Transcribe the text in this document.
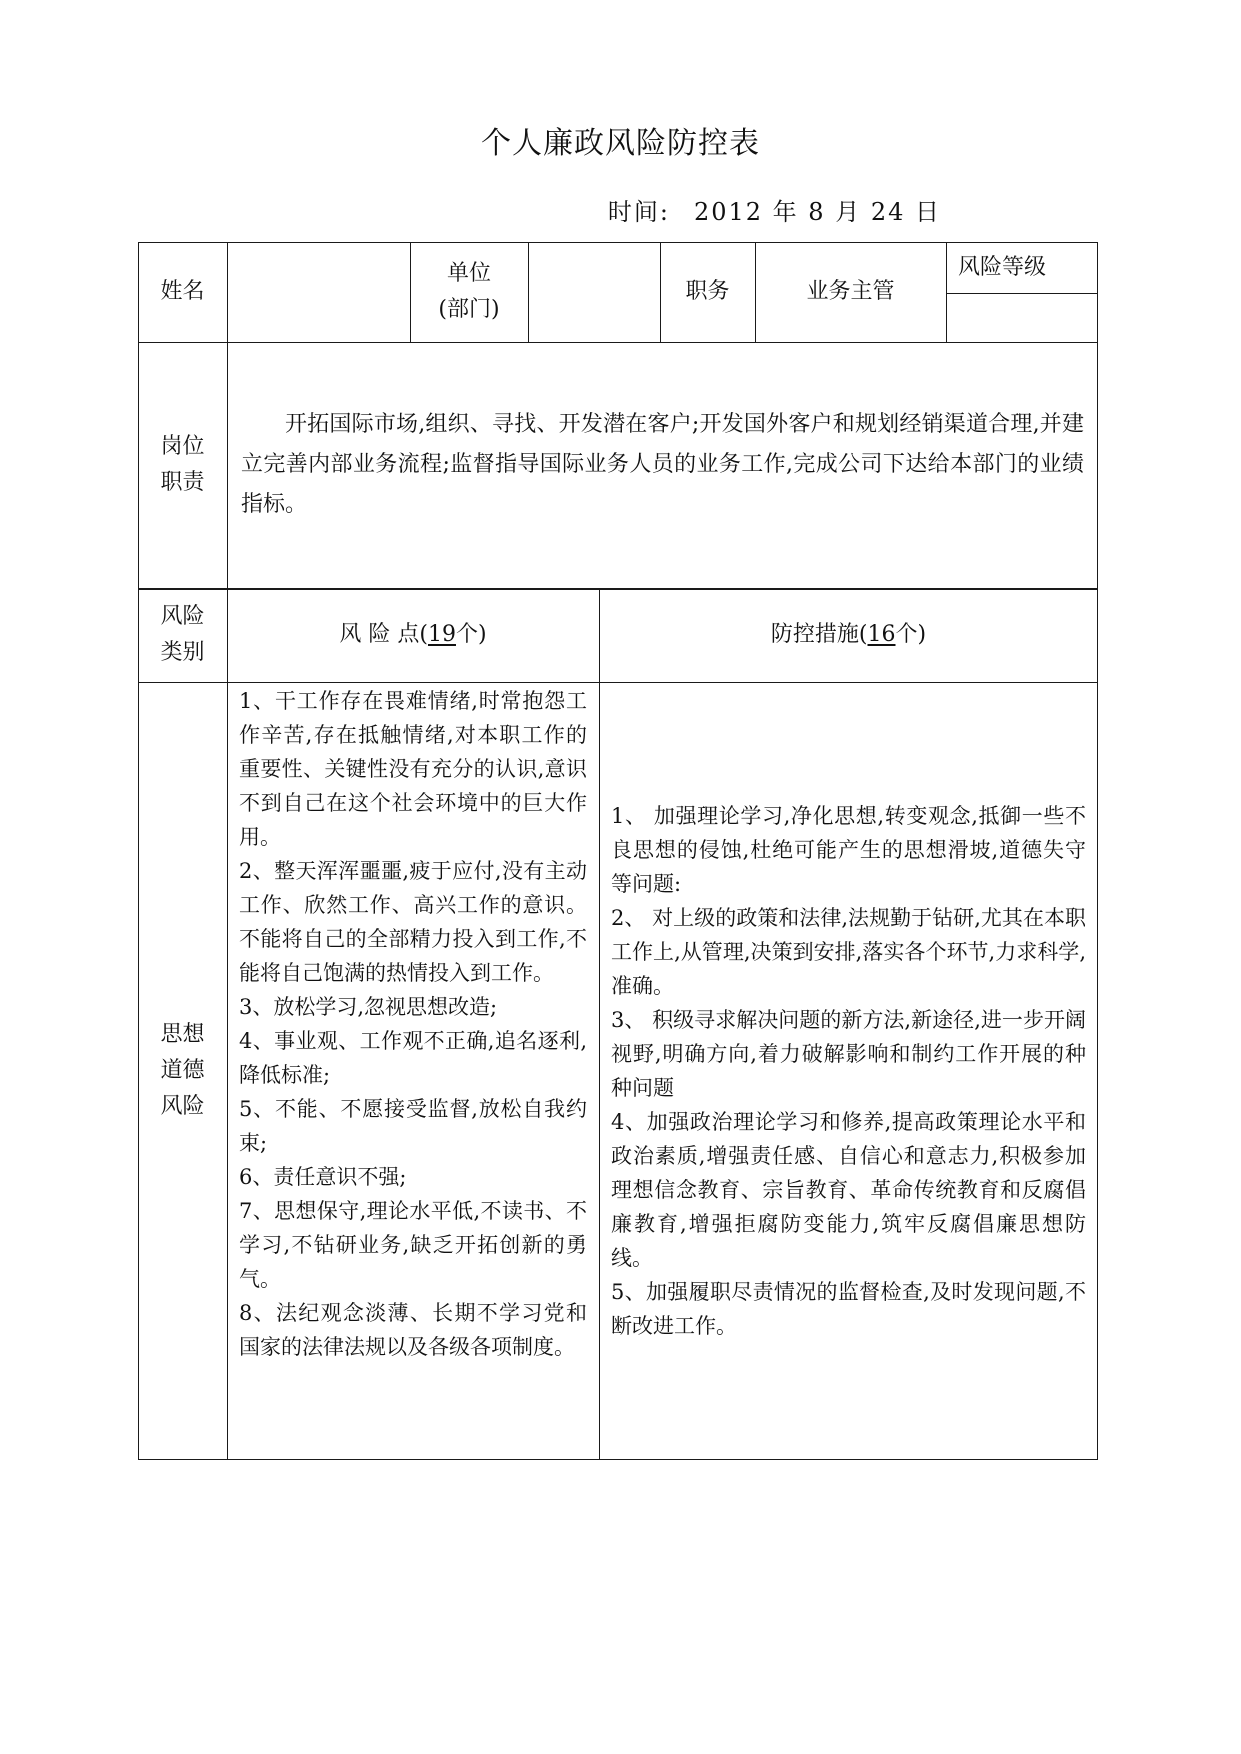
个人廉政风险防控表
时间: 2012 年 8 月 24 日
姓名
单位
(部门)
职务	业务主管
风险等级
岗位
职责
开拓国际市场,组织、寻找、开发潜在客户;开发国外客户和规划经销渠道合理,并建立完善内部业务流程;监督指导国际业务人员的业务工作,完成公司下达给本部门的业绩指标。
风险
类别
风 险 点(19个)	防控措施(16个)
思想
道德
风险
1、干工作存在畏难情绪,时常抱怨工作辛苦,存在抵触情绪,对本职工作的重要性、关键性没有充分的认识,意识不到自己在这个社会环境中的巨大作用。
2、整天浑浑噩噩,疲于应付,没有主动工作、欣然工作、高兴工作的意识。不能将自己的全部精力投入到工作,不能将自己饱满的热情投入到工作。
3、放松学习,忽视思想改造;
4、事业观、工作观不正确,追名逐利,降低标准;
5、不能、不愿接受监督,放松自我约束;
6、责任意识不强;
7、思想保守,理论水平低,不读书、不学习,不钻研业务,缺乏开拓创新的勇气。
8、法纪观念淡薄、长期不学习党和国家的法律法规以及各级各项制度。
1、 加强理论学习,净化思想,转变观念,抵御一些不良思想的侵蚀,杜绝可能产生的思想滑坡,道德失守等问题:
2、 对上级的政策和法律,法规勤于钻研,尤其在本职工作上,从管理,决策到安排,落实各个环节,力求科学,准确。
3、 积级寻求解决问题的新方法,新途径,进一步开阔视野,明确方向,着力破解影响和制约工作开展的种种问题
4、加强政治理论学习和修养,提高政策理论水平和政治素质,增强责任感、自信心和意志力,积极参加理想信念教育、宗旨教育、革命传统教育和反腐倡廉教育,增强拒腐防变能力,筑牢反腐倡廉思想防线。
5、加强履职尽责情况的监督检查,及时发现问题,不断改进工作。
